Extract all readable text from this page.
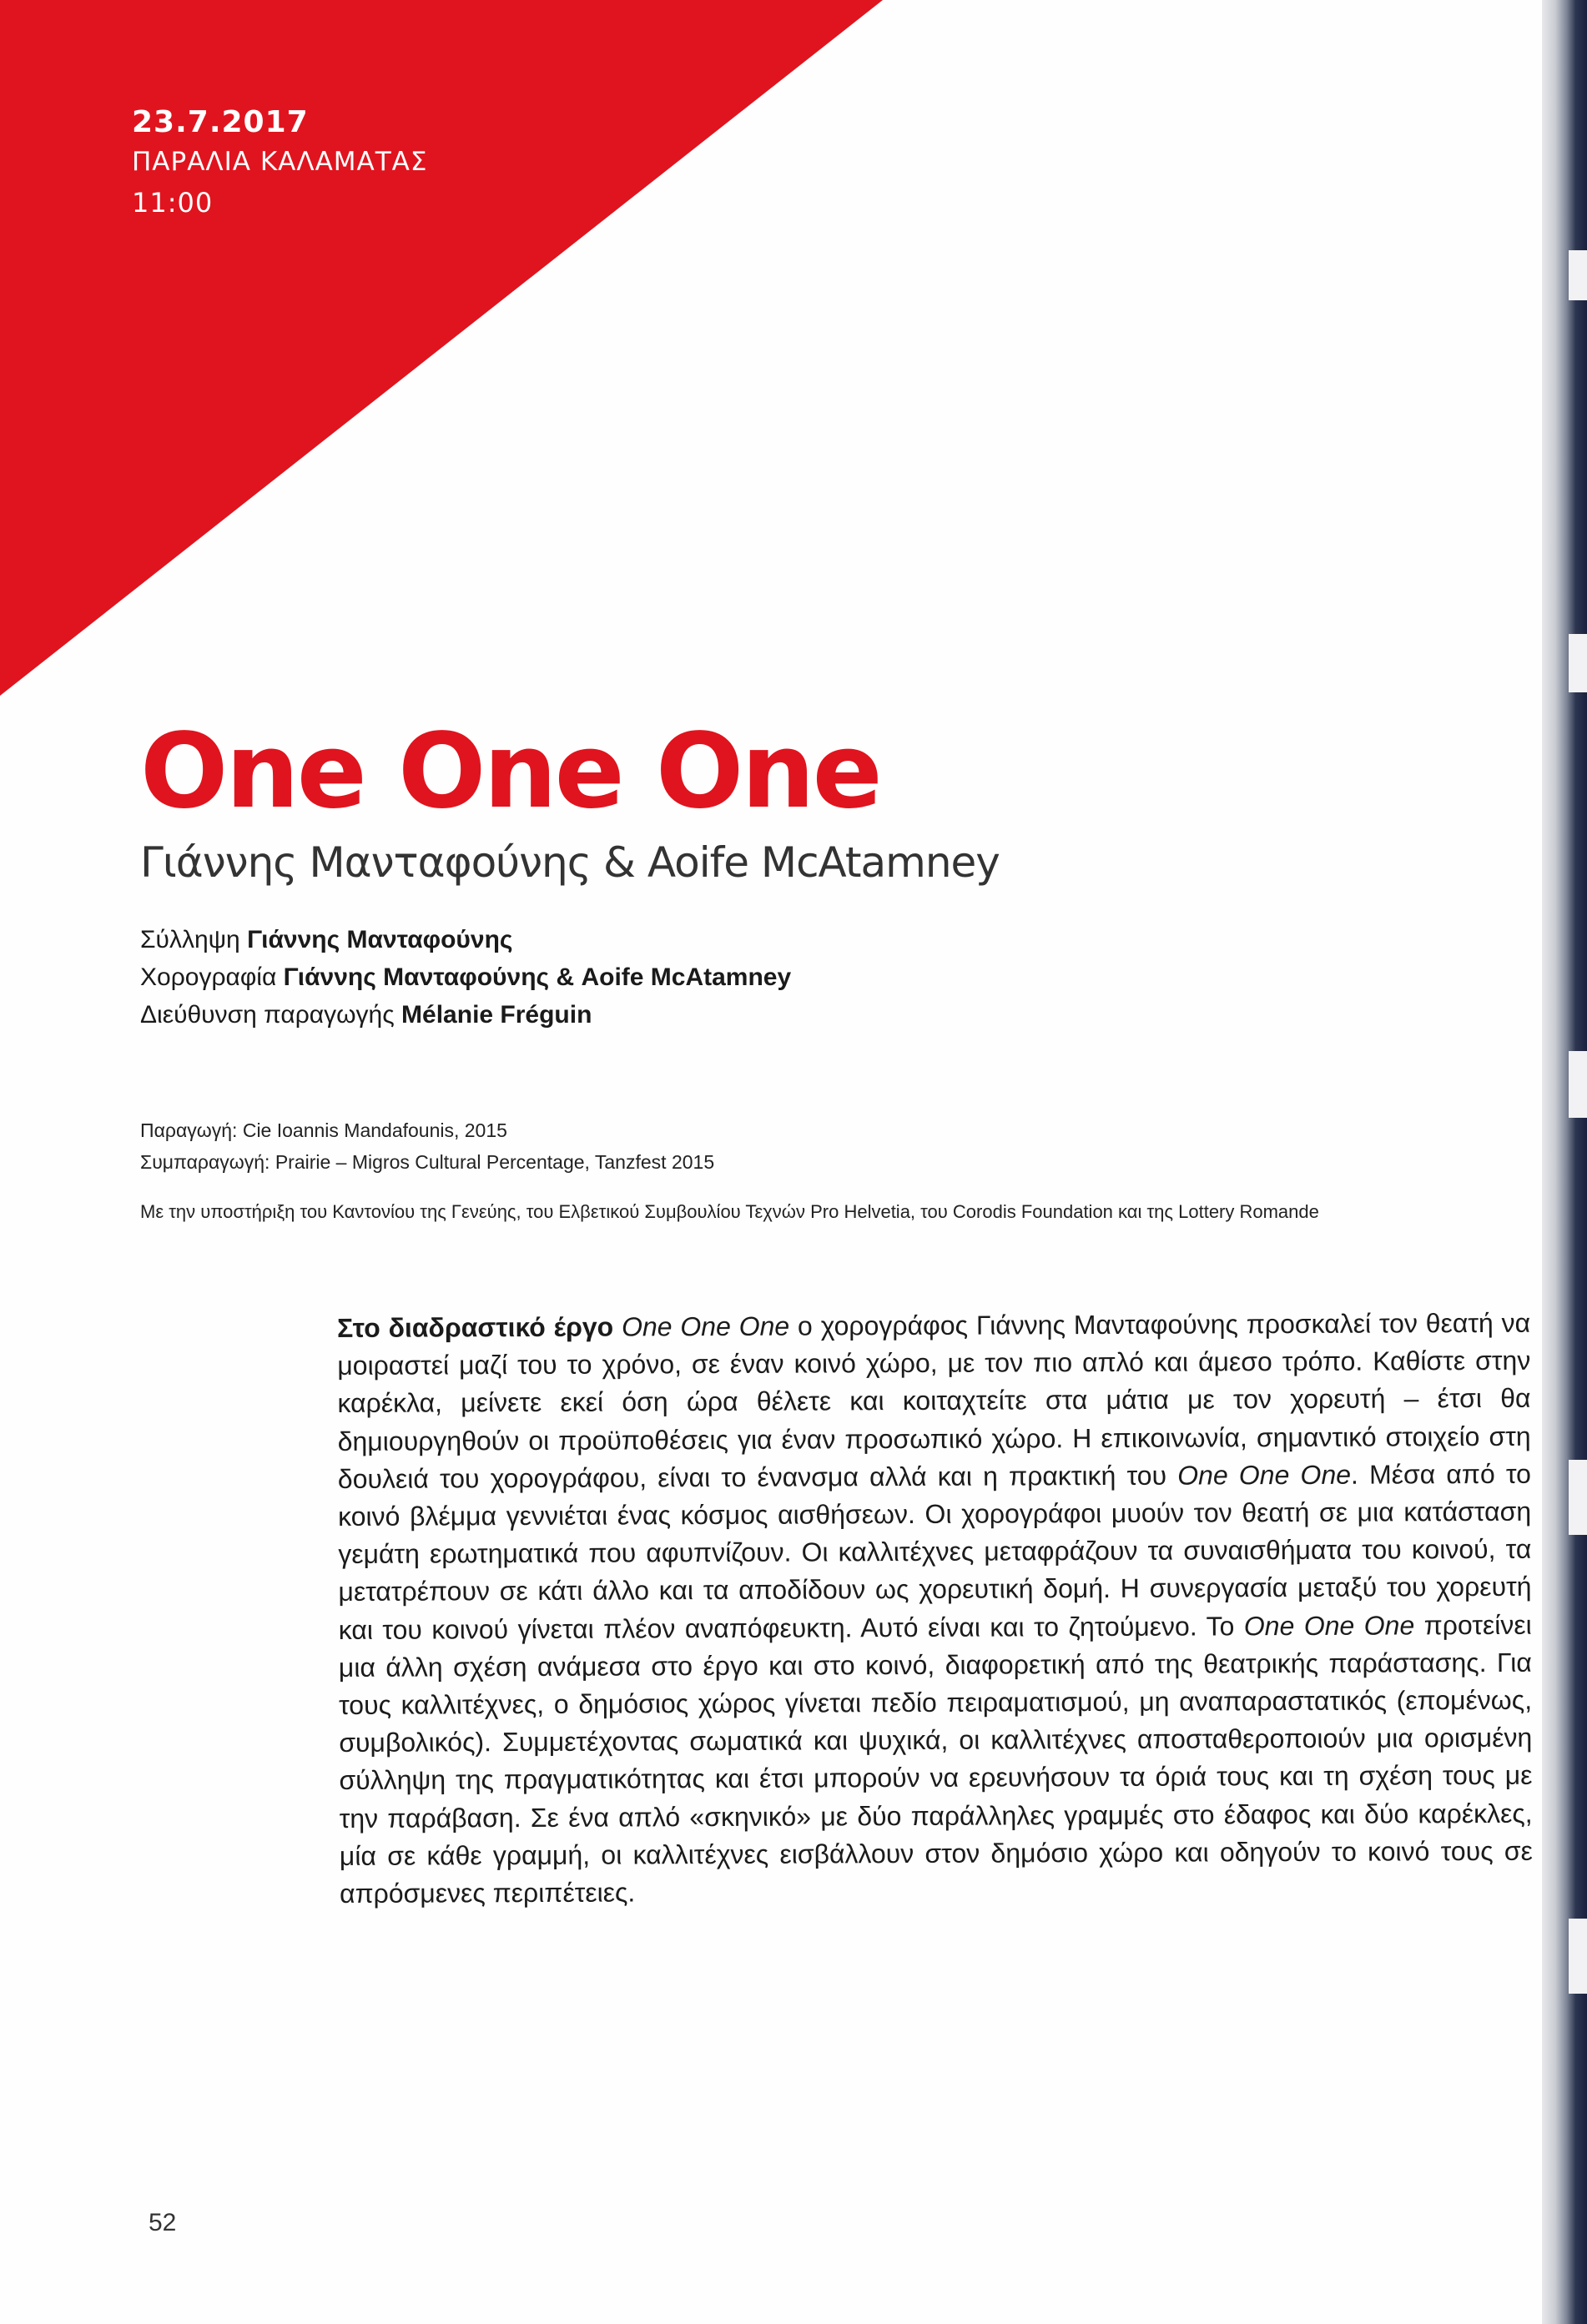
23.7.2017
ΠΑΡΑΛΙΑ ΚΑΛΑΜΑΤΑΣ
11:00
One One One
Γιάννης Μανταφούνης & Aoife McAtamney
Σύλληψη Γιάννης Μανταφούνης
Χορογραφία Γιάννης Μανταφούνης & Aoife McAtamney
Διεύθυνση παραγωγής Mélanie Fréguin
Παραγωγή: Cie Ioannis Mandafounis, 2015
Συμπαραγωγή: Prairie – Migros Cultural Percentage, Tanzfest 2015
Με την υποστήριξη του Καντονίου της Γενεύης, του Ελβετικού Συμβουλίου Τεχνών Pro Helvetia, του Corodis Foundation και της Lottery Romande
Στο διαδραστικό έργο One One One ο χορογράφος Γιάννης Μανταφούνης προσκαλεί τον θεατή να μοιραστεί μαζί του το χρόνο, σε έναν κοινό χώρο, με τον πιο απλό και άμεσο τρόπο. Καθίστε στην καρέκλα, μείνετε εκεί όση ώρα θέλετε και κοιταχτείτε στα μάτια με τον χορευτή – έτσι θα δημιουργηθούν οι προϋποθέσεις για έναν προσωπικό χώρο. Η επικοινωνία, σημαντικό στοιχείο στη δουλειά του χορογράφου, είναι το ένανσμα αλλά και η πρακτική του One One One. Μέσα από το κοινό βλέμμα γεννιέται ένας κόσμος αισθήσεων. Οι χορογράφοι μυούν τον θεατή σε μια κατάσταση γεμάτη ερωτηματικά που αφυπνίζουν. Οι καλλιτέχνες μεταφράζουν τα συναισθήματα του κοινού, τα μετατρέπουν σε κάτι άλλο και τα αποδίδουν ως χορευτική δομή. Η συνεργασία μεταξύ του χορευτή και του κοινού γίνεται πλέον αναπόφευκτη. Αυτό είναι και το ζητούμενο. Το One One One προτείνει μια άλλη σχέση ανάμεσα στο έργο και στο κοινό, διαφορετική από της θεατρικής παράστασης. Για τους καλλιτέχνες, ο δημόσιος χώρος γίνεται πεδίο πειραματισμού, μη αναπαραστατικός (επομένως, συμβολικός). Συμμετέχοντας σωματικά και ψυχικά, οι καλλιτέχνες αποσταθεροποιούν μια ορισμένη σύλληψη της πραγματικότητας και έτσι μπορούν να ερευνήσουν τα όριά τους και τη σχέση τους με την παράβαση. Σε ένα απλό «σκηνικό» με δύο παράλληλες γραμμές στο έδαφος και δύο καρέκλες, μία σε κάθε γραμμή, οι καλλιτέχνες εισβάλλουν στον δημόσιο χώρο και οδηγούν το κοινό τους σε απρόσμενες περιπέτειες.
52
